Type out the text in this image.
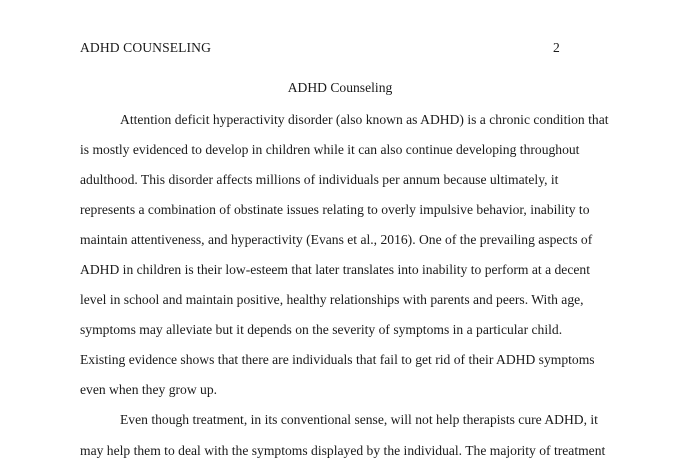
ADHD COUNSELING	2
ADHD Counseling
Attention deficit hyperactivity disorder (also known as ADHD) is a chronic condition that
is mostly evidenced to develop in children while it can also continue developing throughout
adulthood. This disorder affects millions of individuals per annum because ultimately, it
represents a combination of obstinate issues relating to overly impulsive behavior, inability to
maintain attentiveness, and hyperactivity (Evans et al., 2016). One of the prevailing aspects of
ADHD in children is their low-esteem that later translates into inability to perform at a decent
level in school and maintain positive, healthy relationships with parents and peers. With age,
symptoms may alleviate but it depends on the severity of symptoms in a particular child.
Existing evidence shows that there are individuals that fail to get rid of their ADHD symptoms
even when they grow up.
Even though treatment, in its conventional sense, will not help therapists cure ADHD, it
may help them to deal with the symptoms displayed by the individual. The majority of treatment
